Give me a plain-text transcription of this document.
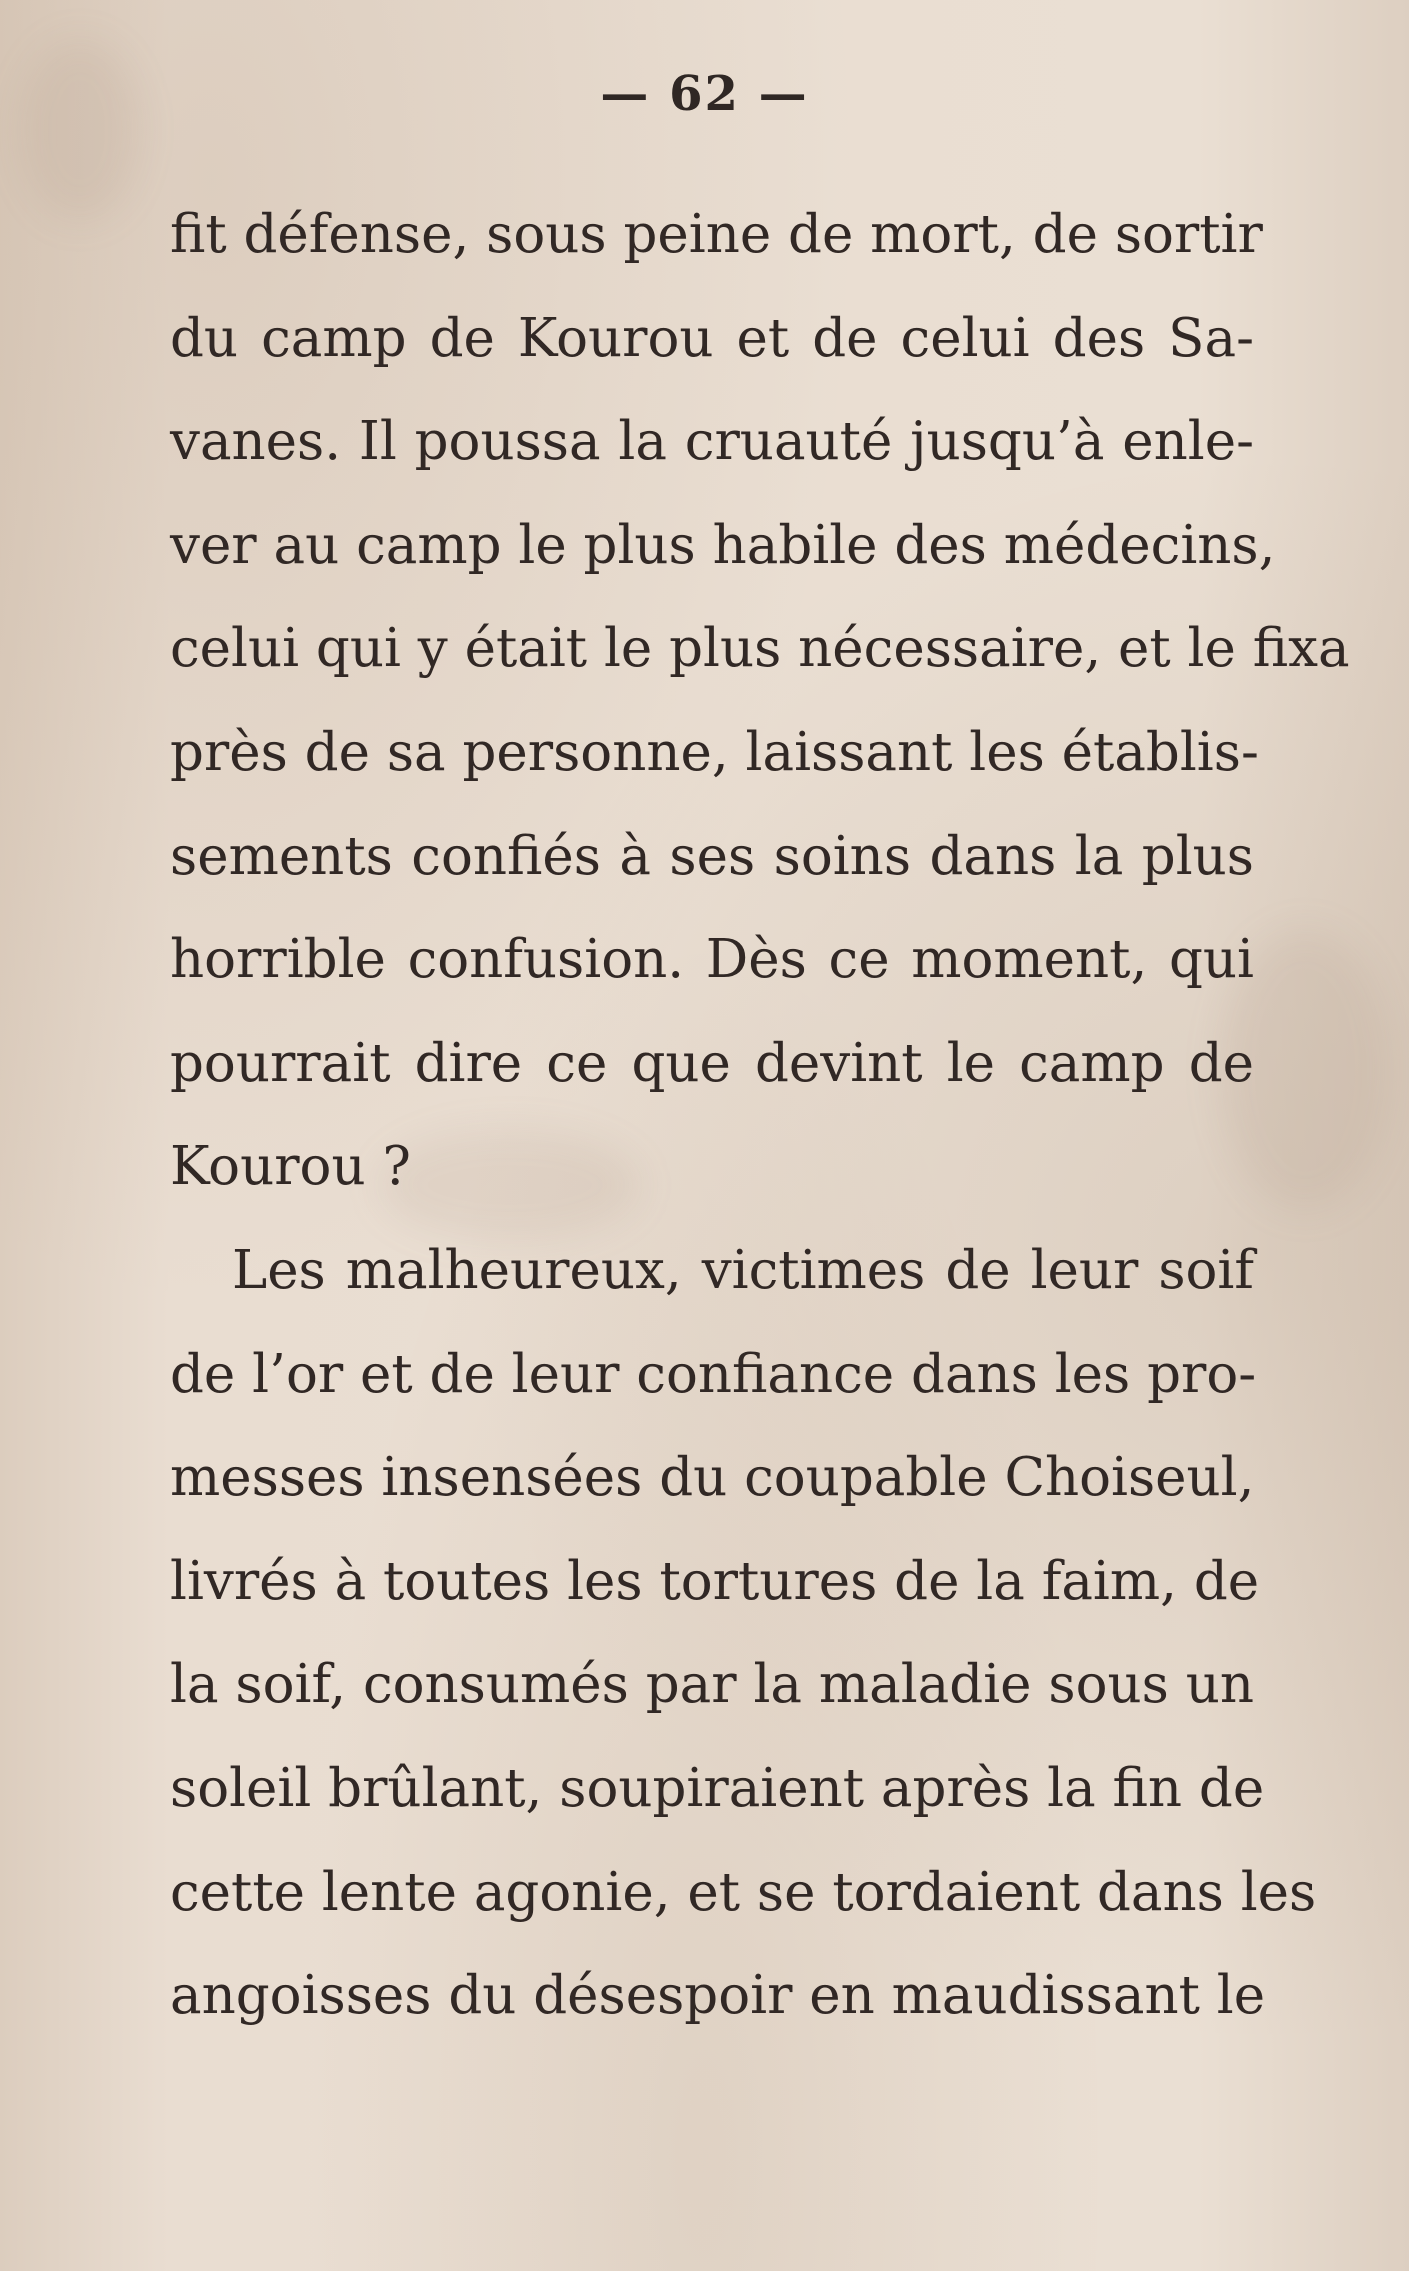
— 62 —
fit défense, sous peine de mort, de sortir
du camp de Kourou et de celui des Sa-
vanes. Il poussa la cruauté jusqu’à enle-
ver au camp le plus habile des médecins,
celui qui y était le plus nécessaire, et le fixa
près de sa personne, laissant les établis-
sements confiés à ses soins dans la plus
horrible confusion. Dès ce moment, qui
pourrait dire ce que devint le camp de
Kourou ?
Les malheureux, victimes de leur soif
de l’or et de leur confiance dans les pro-
messes insensées du coupable Choiseul,
livrés à toutes les tortures de la faim, de
la soif, consumés par la maladie sous un
soleil brûlant, soupiraient après la fin de
cette lente agonie, et se tordaient dans les
angoisses du désespoir en maudissant le
